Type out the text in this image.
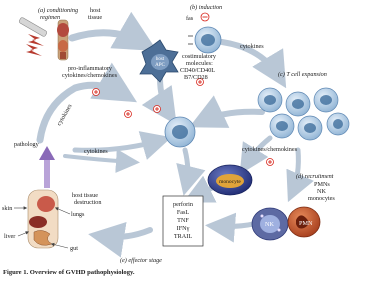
host
APC
monocyte
perforin
FasL
TNF
IFNγ
TRAIL
(a) conditioning
regimen
host
tissue
pro-inflammatory
cytokines/chemokines
(b) induction
fas
cytokines
costimulatory
molecules:
CD40/CD40L
B7/CD28	(c) T cell expansion
cytokines
pathology
cytokines	cytokines/chemokines
(d) recruitment
PMNs
NK
monocytes
host tissue
destruction
skin
lungs
liver
gut
NK	PMN
(e) effector stage
Figure 1. Overview of GVHD pathophysiology.
